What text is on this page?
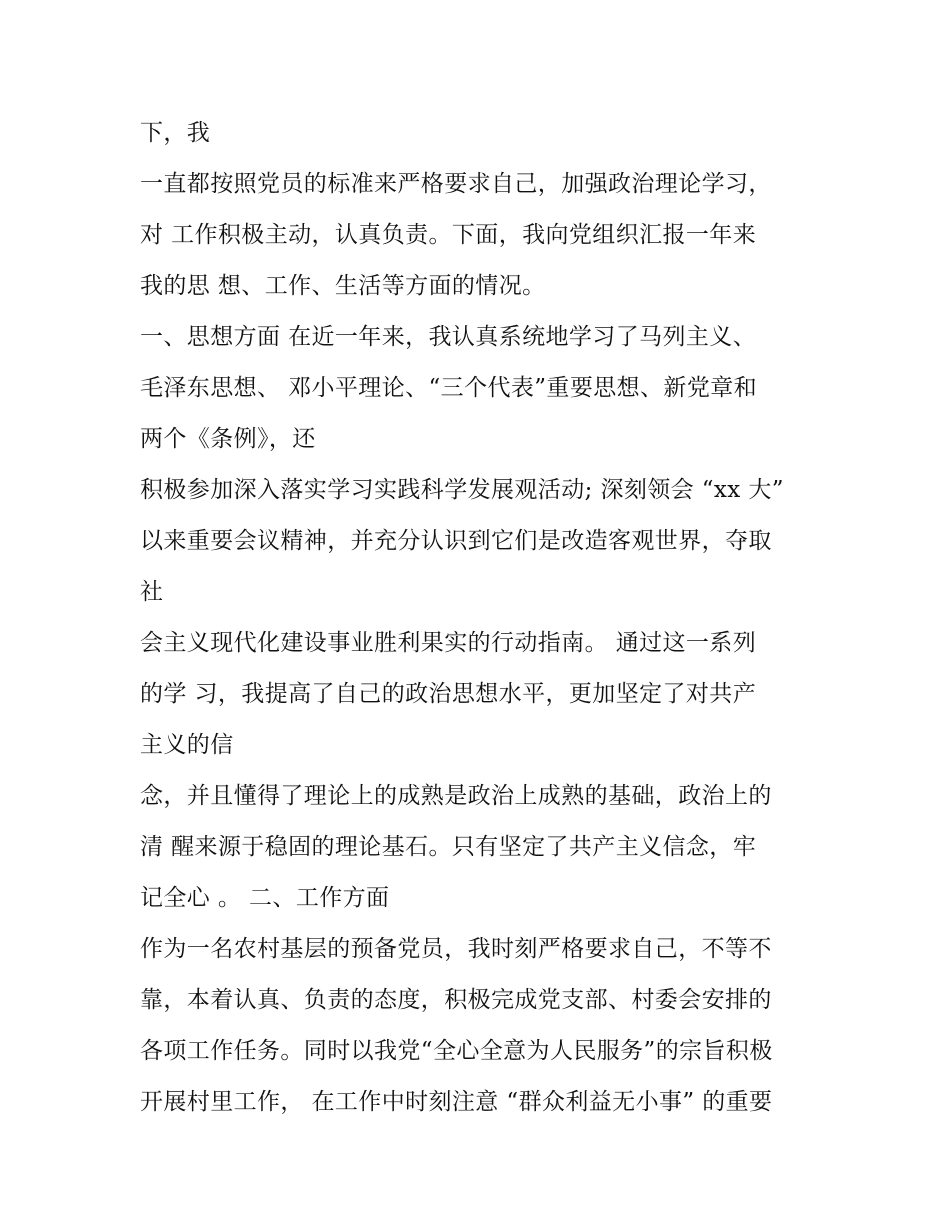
下，我
一直都按照党员的标准来严格要求自己，加强政治理论学习，
对 工作积极主动，认真负责。下面，我向党组织汇报一年来
我的思 想、工作、生活等方面的情况。
一、思想方面 在近一年来，我认真系统地学习了马列主义、
毛泽东思想、 邓小平理论、“三个代表”重要思想、新党章和
两个《条例》，还
积极参加深入落实学习实践科学发展观活动; 深刻领会 “xx 大”
以来重要会议精神，并充分认识到它们是改造客观世界，夺取
社
会主义现代化建设事业胜利果实的行动指南。 通过这一系列
的学 习，我提高了自己的政治思想水平，更加坚定了对共产
主义的信
念，并且懂得了理论上的成熟是政治上成熟的基础，政治上的
清 醒来源于稳固的理论基石。只有坚定了共产主义信念，牢
记全心 。 二、工作方面
作为一名农村基层的预备党员，我时刻严格要求自己，不等不
靠，本着认真、负责的态度，积极完成党支部、村委会安排的
各项工作任务。同时以我党“全心全意为人民服务”的宗旨积极
开展村里工作， 在工作中时刻注意 “群众利益无小事” 的重要
